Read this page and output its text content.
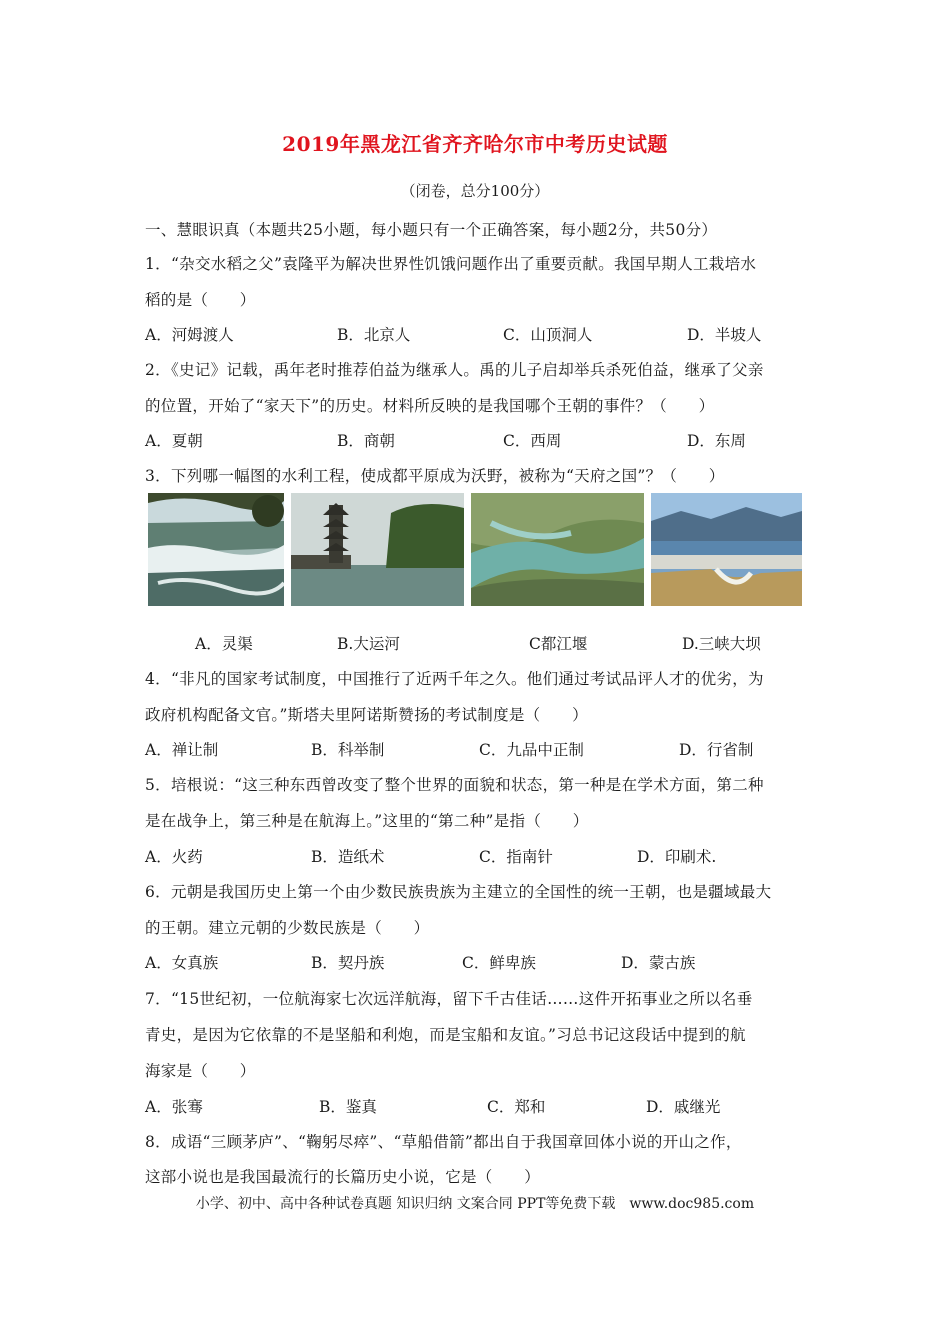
2019年黑龙江省齐齐哈尔市中考历史试题
（闭卷，总分100分）
一、慧眼识真（本题共25小题，每小题只有一个正确答案，每小题2分，共50分）
1．“杂交水稻之父”袁隆平为解决世界性饥饿问题作出了重要贡献。我国早期人工栽培水
稻的是（　　）
A．河姆渡人	B．北京人	C．山顶洞人	D．半坡人
2．《史记》记载，禹年老时推荐伯益为继承人。禹的儿子启却举兵杀死伯益，继承了父亲
的位置，开始了“家天下”的历史。材料所反映的是我国哪个王朝的事件？（　　）
A．夏朝	B．商朝	C．西周	D．东周
3．下列哪一幅图的水利工程，使成都平原成为沃野，被称为“天府之国”？（　　）
A．灵渠	B.大运河	C都江堰	D.三峡大坝
4．“非凡的国家考试制度，中国推行了近两千年之久。他们通过考试品评人才的优劣，为
政府机构配备文官。”斯塔夫里阿诺斯赞扬的考试制度是（　　）
A．禅让制	B．科举制	C．九品中正制	D．行省制
5．培根说：“这三种东西曾改变了整个世界的面貌和状态，第一种是在学术方面，第二种
是在战争上，第三种是在航海上。”这里的“第二种”是指（　　）
A．火药	B．造纸术	C．指南针	D．印刷术.
6．元朝是我国历史上第一个由少数民族贵族为主建立的全国性的统一王朝，也是疆域最大
的王朝。建立元朝的少数民族是（　　）
A．女真族	B．契丹族	C．鲜卑族	D．蒙古族
7．“15世纪初，一位航海家七次远洋航海，留下千古佳话……这件开拓事业之所以名垂
青史，是因为它依靠的不是坚船和利炮，而是宝船和友谊。”习总书记这段话中提到的航
海家是（　　）
A．张骞	B．鉴真	C．郑和	D．戚继光
8．成语“三顾茅庐”、“鞠躬尽瘁”、“草船借箭”都出自于我国章回体小说的开山之作，
这部小说也是我国最流行的长篇历史小说，它是（　　）
小学、初中、高中各种试卷真题 知识归纳 文案合同 PPT等免费下载　www.doc985.com
